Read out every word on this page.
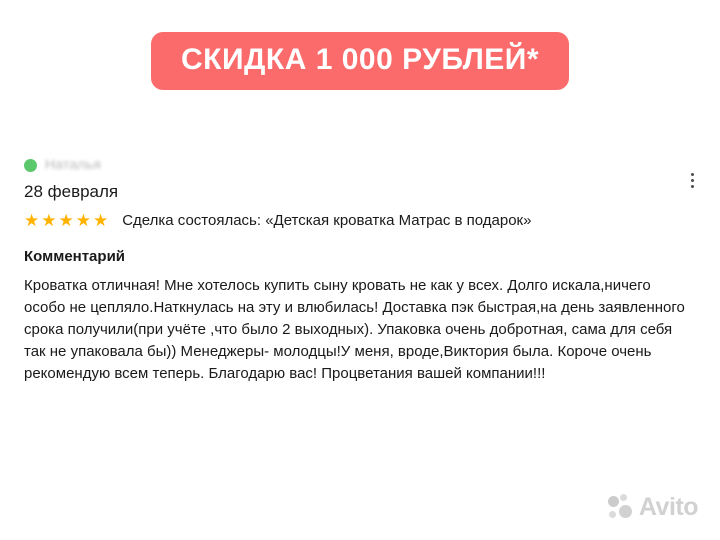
СКИДКА 1 000 РУБЛЕЙ*
Наталья
28 февраля
★★★★★ Сделка состоялась: «Детская кроватка Матрас в подарок»
Комментарий
Кроватка отличная! Мне хотелось купить сыну кровать не как у всех. Долго искала,ничего особо не цепляло.Наткнулась на эту и влюбилась! Доставка пэк быстрая,на день заявленного срока получили(при учёте ,что было 2 выходных). Упаковка очень добротная, сама для себя так не упаковала бы)) Менеджеры- молодцы!У меня, вроде,Виктория была. Короче очень рекомендую всем теперь. Благодарю вас! Процветания вашей компании!!!
Avito
